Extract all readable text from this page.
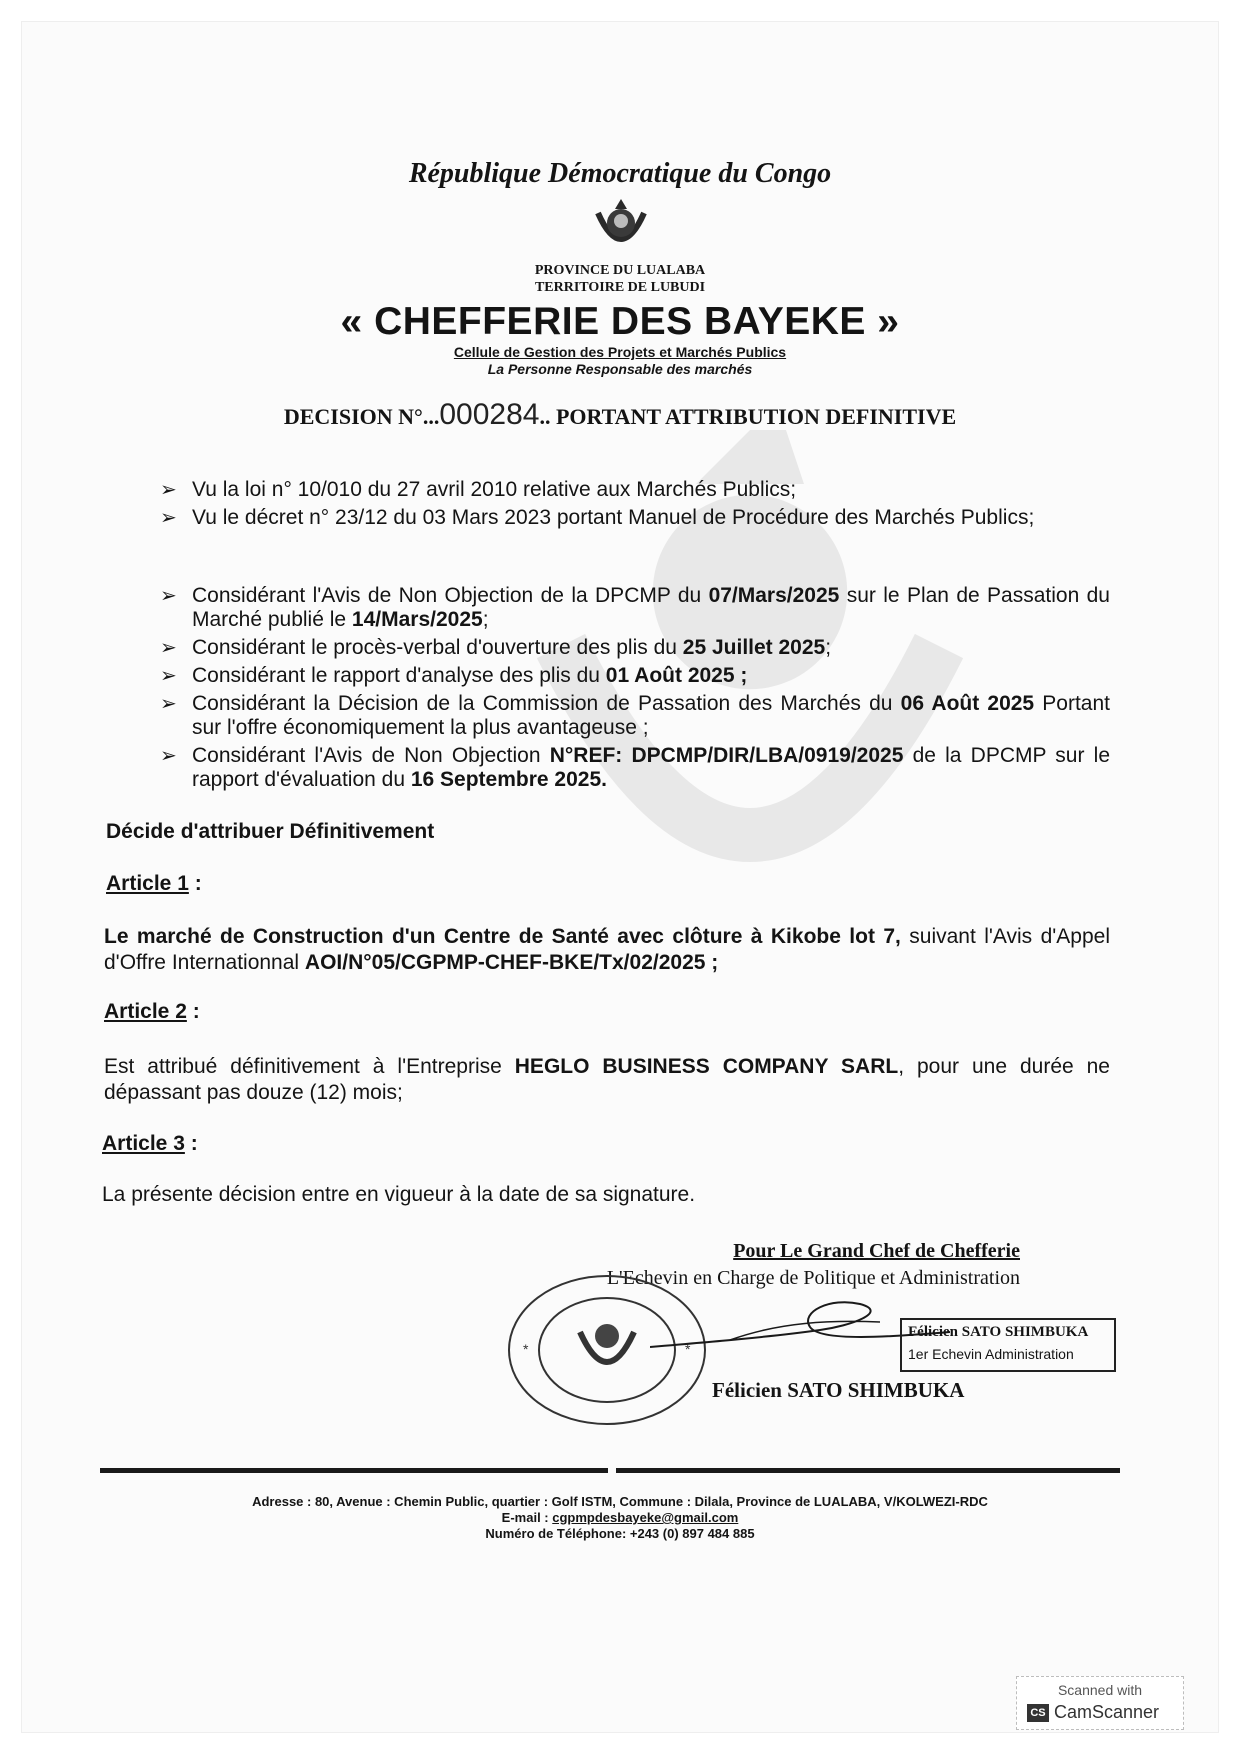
République Démocratique du Congo
PROVINCE DU LUALABA
TERRITOIRE DE LUBUDI
« CHEFFERIE DES BAYEKE »
Cellule de Gestion des Projets et Marchés Publics
La Personne Responsable des marchés
DECISION N°...000284.. PORTANT ATTRIBUTION DEFINITIVE
➢ Vu la loi n° 10/010 du 27 avril 2010 relative aux Marchés Publics;
➢ Vu le décret n° 23/12 du 03 Mars 2023 portant Manuel de Procédure des Marchés Publics;
➢ Considérant l'Avis de Non Objection de la DPCMP du 07/Mars/2025 sur le Plan de Passation du Marché publié le 14/Mars/2025;
➢ Considérant le procès-verbal d'ouverture des plis du 25 Juillet 2025;
➢ Considérant le rapport d'analyse des plis du 01 Août 2025 ;
➢ Considérant la Décision de la Commission de Passation des Marchés du 06 Août 2025 Portant sur l'offre économiquement la plus avantageuse ;
➢ Considérant l'Avis de Non Objection N°REF: DPCMP/DIR/LBA/0919/2025 de la DPCMP sur le rapport d'évaluation du 16 Septembre 2025.
Décide d'attribuer Définitivement
Article 1 :
Le marché de Construction d'un Centre de Santé avec clôture à Kikobe lot 7, suivant l'Avis d'Appel d'Offre Internationnal AOI/N°05/CGPMP-CHEF-BKE/Tx/02/2025 ;
Article 2 :
Est attribué définitivement à l'Entreprise HEGLO BUSINESS COMPANY SARL, pour une durée ne dépassant pas douze (12) mois;
Article 3 :
La présente décision entre en vigueur à la date de sa signature.
Pour Le Grand Chef de Chefferie
L'Echevin en Charge de Politique et Administration
*	*
Félicien SATO SHIMBUKA
1er Echevin Administration
Félicien SATO SHIMBUKA
Adresse : 80, Avenue : Chemin Public, quartier : Golf ISTM, Commune : Dilala, Province de LUALABA, V/KOLWEZI-RDC
E-mail : cgpmpdesbayeke@gmail.com
Numéro de Téléphone: +243 (0) 897 484 885
Scanned with
CS CamScanner
